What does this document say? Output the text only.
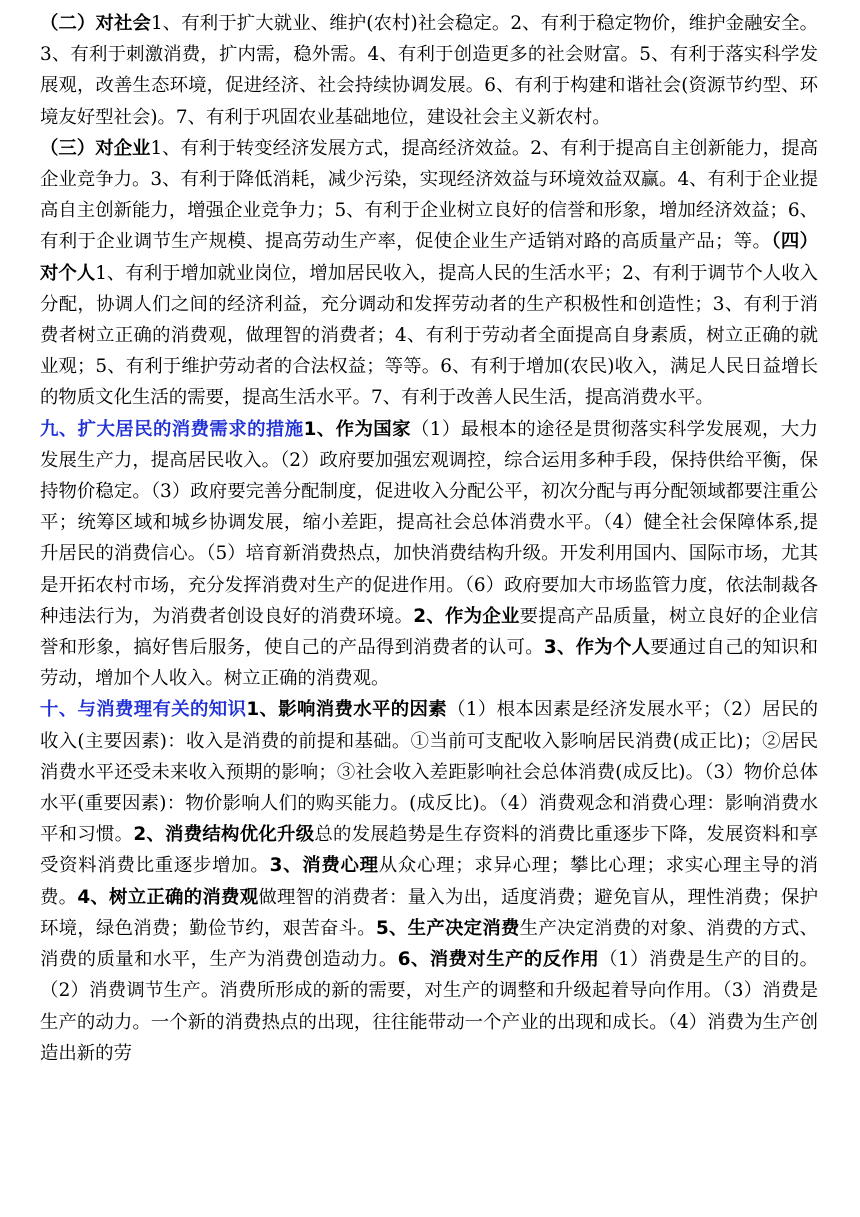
（二）对社会1、有利于扩大就业、维护(农村)社会稳定。2、有利于稳定物价，维护金融安全。3、有利于刺激消费，扩内需，稳外需。4、有利于创造更多的社会财富。5、有利于落实科学发展观，改善生态环境，促进经济、社会持续协调发展。6、有利于构建和谐社会(资源节约型、环境友好型社会)。7、有利于巩固农业基础地位，建设社会主义新农村。

（三）对企业1、有利于转变经济发展方式，提高经济效益。2、有利于提高自主创新能力，提高企业竞争力。3、有利于降低消耗，减少污染，实现经济效益与环境效益双赢。4、有利于企业提高自主创新能力，增强企业竞争力；5、有利于企业树立良好的信誉和形象，增加经济效益；6、有利于企业调节生产规模、提高劳动生产率，促使企业生产适销对路的高质量产品；等。（四）对个人1、有利于增加就业岗位，增加居民收入，提高人民的生活水平；2、有利于调节个人收入分配，协调人们之间的经济利益，充分调动和发挥劳动者的生产积极性和创造性；3、有利于消费者树立正确的消费观，做理智的消费者；4、有利于劳动者全面提高自身素质，树立正确的就业观；5、有利于维护劳动者的合法权益；等等。6、有利于增加(农民)收入，满足人民日益增长的物质文化生活的需要，提高生活水平。7、有利于改善人民生活，提高消费水平。

九、扩大居民的消费需求的措施1、作为国家（1）最根本的途径是贯彻落实科学发展观，大力发展生产力，提高居民收入。（2）政府要加强宏观调控，综合运用多种手段，保持供给平衡，保持物价稳定。（3）政府要完善分配制度，促进收入分配公平，初次分配与再分配领域都要注重公平；统筹区域和城乡协调发展，缩小差距，提高社会总体消费水平。（4）健全社会保障体系,提升居民的消费信心。（5）培育新消费热点，加快消费结构升级。开发利用国内、国际市场，尤其是开拓农村市场，充分发挥消费对生产的促进作用。（6）政府要加大市场监管力度，依法制裁各种违法行为，为消费者创设良好的消费环境。2、作为企业要提高产品质量，树立良好的企业信誉和形象，搞好售后服务，使自己的产品得到消费者的认可。3、作为个人要通过自己的知识和劳动，增加个人收入。树立正确的消费观。

十、与消费理有关的知识1、影响消费水平的因素（1）根本因素是经济发展水平；（2）居民的收入(主要因素)：收入是消费的前提和基础。①当前可支配收入影响居民消费(成正比)；②居民消费水平还受未来收入预期的影响；③社会收入差距影响社会总体消费(成反比)。（3）物价总体水平(重要因素)：物价影响人们的购买能力。(成反比)。（4）消费观念和消费心理：影响消费水平和习惯。2、消费结构优化升级总的发展趋势是生存资料的消费比重逐步下降，发展资料和享受资料消费比重逐步增加。3、消费心理从众心理；求异心理；攀比心理；求实心理主导的消费。4、树立正确的消费观做理智的消费者：量入为出，适度消费；避免盲从，理性消费；保护环境，绿色消费；勤俭节约，艰苦奋斗。5、生产决定消费生产决定消费的对象、消费的方式、消费的质量和水平，生产为消费创造动力。6、消费对生产的反作用（1）消费是生产的目的。（2）消费调节生产。消费所形成的新的需要，对生产的调整和升级起着导向作用。（3）消费是生产的动力。一个新的消费热点的出现，往往能带动一个产业的出现和成长。（4）消费为生产创造出新的劳
